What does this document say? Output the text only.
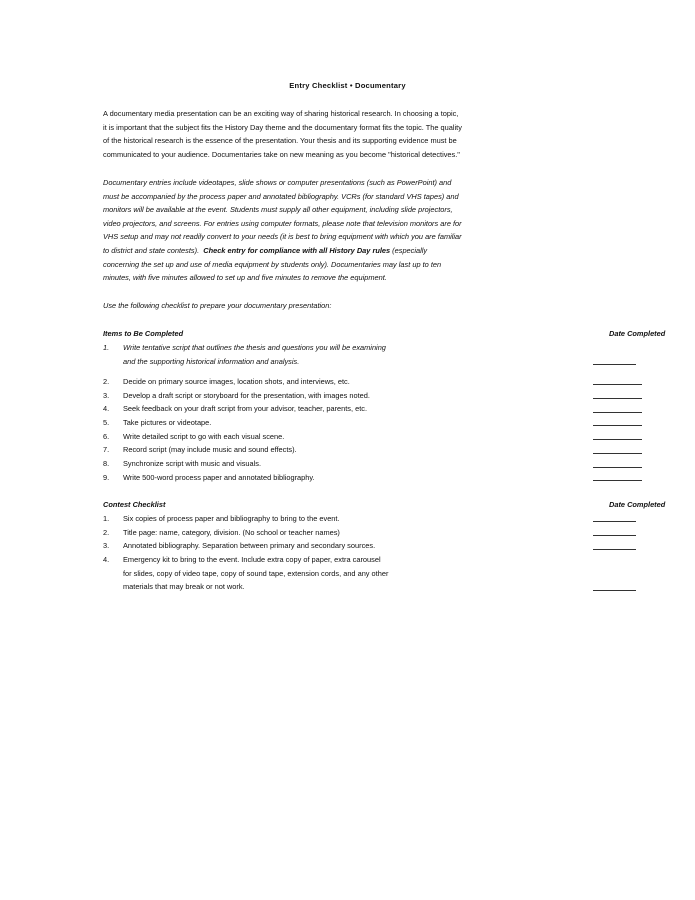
Entry Checklist • Documentary
A documentary media presentation can be an exciting way of sharing historical research. In choosing a topic,
it is important that the subject fits the History Day theme and the documentary format fits the topic. The quality
of the historical research is the essence of the presentation. Your thesis and its supporting evidence must be
communicated to your audience. Documentaries take on new meaning as you become "historical detectives."
Documentary entries include videotapes, slide shows or computer presentations (such as PowerPoint) and
must be accompanied by the process paper and annotated bibliography. VCRs (for standard VHS tapes) and
monitors will be available at the event. Students must supply all other equipment, including slide projectors,
video projectors, and screens. For entries using computer formats, please note that television monitors are for
VHS setup and may not readily convert to your needs (it is best to bring equipment with which you are familiar
to district and state contests).  Check entry for compliance with all History Day rules (especially
concerning the set up and use of media equipment by students only). Documentaries may last up to ten
minutes, with five minutes allowed to set up and five minutes to remove the equipment.
Use the following checklist to prepare your documentary presentation:
Items to Be Completed	Date Completed
1. Write tentative script that outlines the thesis and questions you will be examining
and the supporting historical information and analysis.
2. Decide on primary source images, location shots, and interviews, etc.
3. Develop a draft script or storyboard for the presentation, with images noted.
4. Seek feedback on your draft script from your advisor, teacher, parents, etc.
5. Take pictures or videotape.
6. Write detailed script to go with each visual scene.
7. Record script (may include music and sound effects).
8. Synchronize script with music and visuals.
9. Write 500-word process paper and annotated bibliography.
Contest Checklist	Date Completed
1. Six copies of process paper and bibliography to bring to the event.
2. Title page: name, category, division. (No school or teacher names)
3. Annotated bibliography. Separation between primary and secondary sources.
4. Emergency kit to bring to the event. Include extra copy of paper, extra carousel
for slides, copy of video tape, copy of sound tape, extension cords, and any other
materials that may break or not work.
